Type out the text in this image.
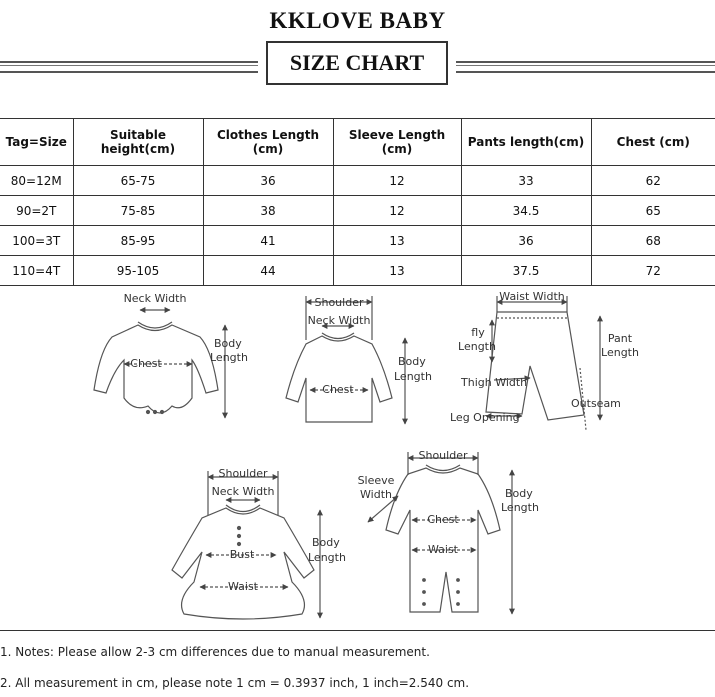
KKLOVE BABY
SIZE CHART
Tag=Size	Suitable height(cm)	Clothes Length (cm)	Sleeve Length (cm)	Pants length(cm)	Chest (cm)
80=12M	65-75	36	12	33	62
90=2T	75-85	38	12	34.5	65
100=3T	85-95	41	13	36	68
110=4T	95-105	44	13	37.5	72
Neck Width
Chest
Body
Length
Shoulder
Neck Width
Chest
Body
Length
Waist Width
fly
Length
Pant
Length
Thigh Width
Outseam
Leg Opening
Shoulder
Neck Width
Bust
Waist
Body
Length
Shoulder
Sleeve
Width
Chest
Waist
Body
Length
1. Notes: Please allow 2-3 cm differences due to manual measurement.
2. All measurement in cm, please note 1 cm = 0.3937 inch, 1 inch=2.540 cm.
